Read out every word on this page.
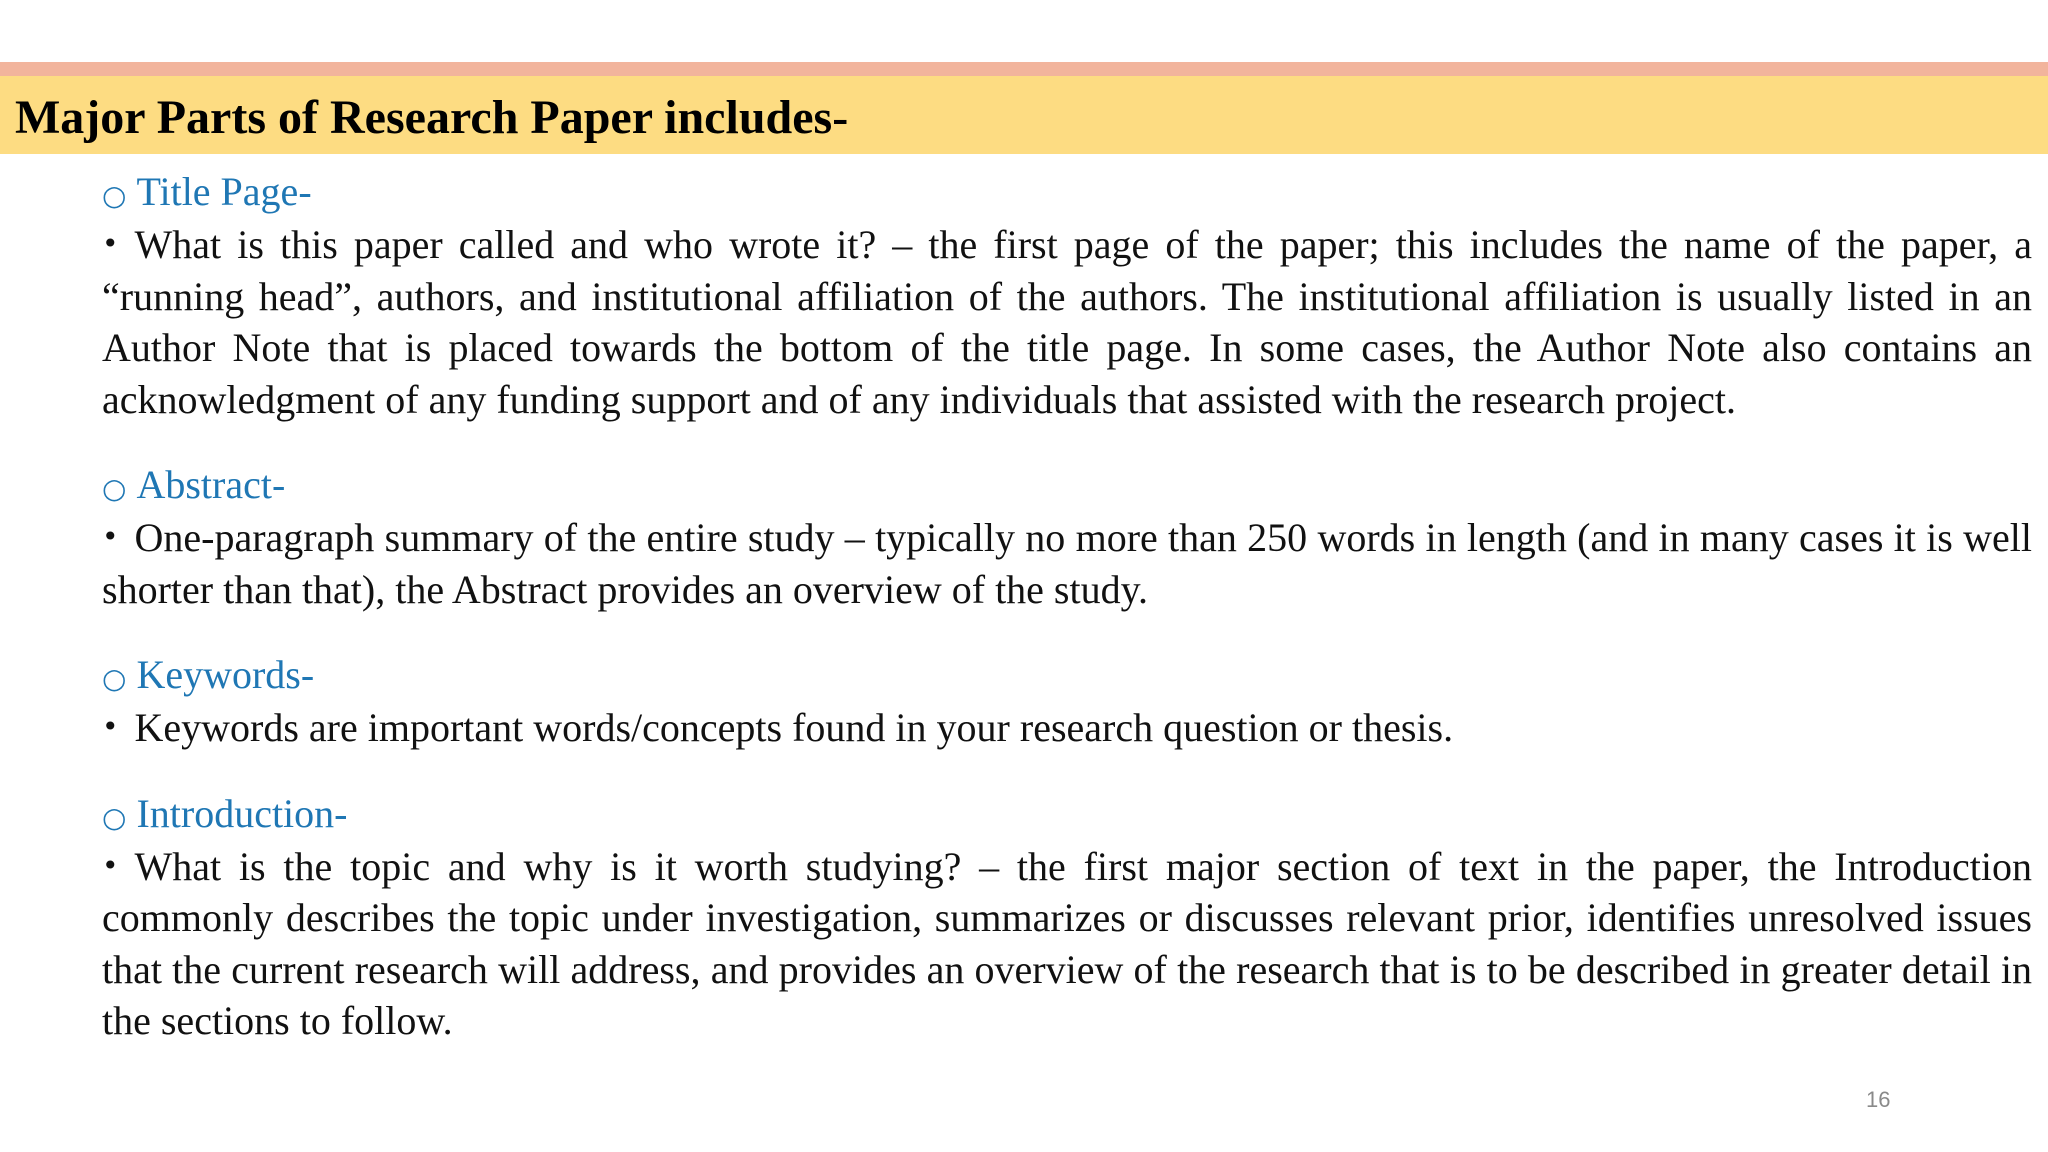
Major Parts of Research Paper includes-
○ Title Page-

• What is this paper called and who wrote it? – the first page of the paper; this includes the name of the paper, a “running head”, authors, and institutional affiliation of the authors. The institutional affiliation is usually listed in an Author Note that is placed towards the bottom of the title page. In some cases, the Author Note also contains an acknowledgment of any funding support and of any individuals that assisted with the research project.

○ Abstract-

• One-paragraph summary of the entire study – typically no more than 250 words in length (and in many cases it is well shorter than that), the Abstract provides an overview of the study.

○ Keywords-

• Keywords are important words/concepts found in your research question or thesis.

○ Introduction-

• What is the topic and why is it worth studying? – the first major section of text in the paper, the Introduction commonly describes the topic under investigation, summarizes or discusses relevant prior, identifies unresolved issues that the current research will address, and provides an overview of the research that is to be described in greater detail in the sections to follow.

16
